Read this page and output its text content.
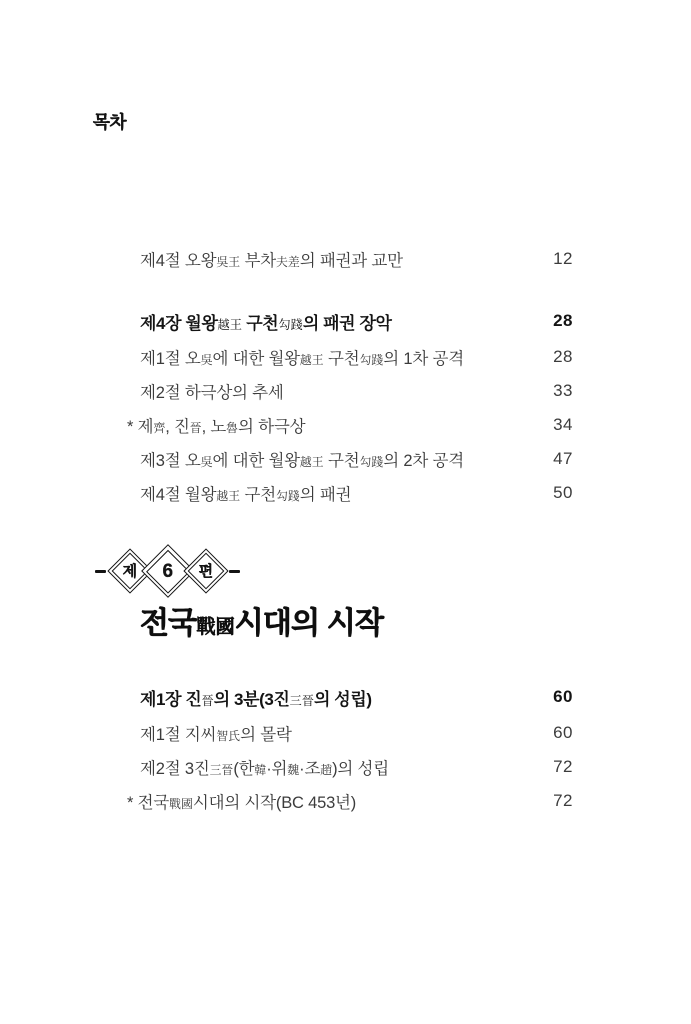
목차
제4절 오왕吳王 부차夫差의 패권과 교만	12
제4장 월왕越王 구천勾踐의 패권 장악	28
제1절 오吳에 대한 월왕越王 구천勾踐의 1차 공격	28
제2절 하극상의 추세	33
* 제齊, 진晉, 노魯의 하극상	34
제3절 오吳에 대한 월왕越王 구천勾踐의 2차 공격	47
제4절 월왕越王 구천勾踐의 패권	50
제 6 편
전국戰國시대의 시작
제1장 진晉의 3분(3진三晉의 성립)	60
제1절 지씨智氏의 몰락	60
제2절 3진三晉(한韓·위魏·조趙)의 성립	72
* 전국戰國시대의 시작(BC 453년)	72
